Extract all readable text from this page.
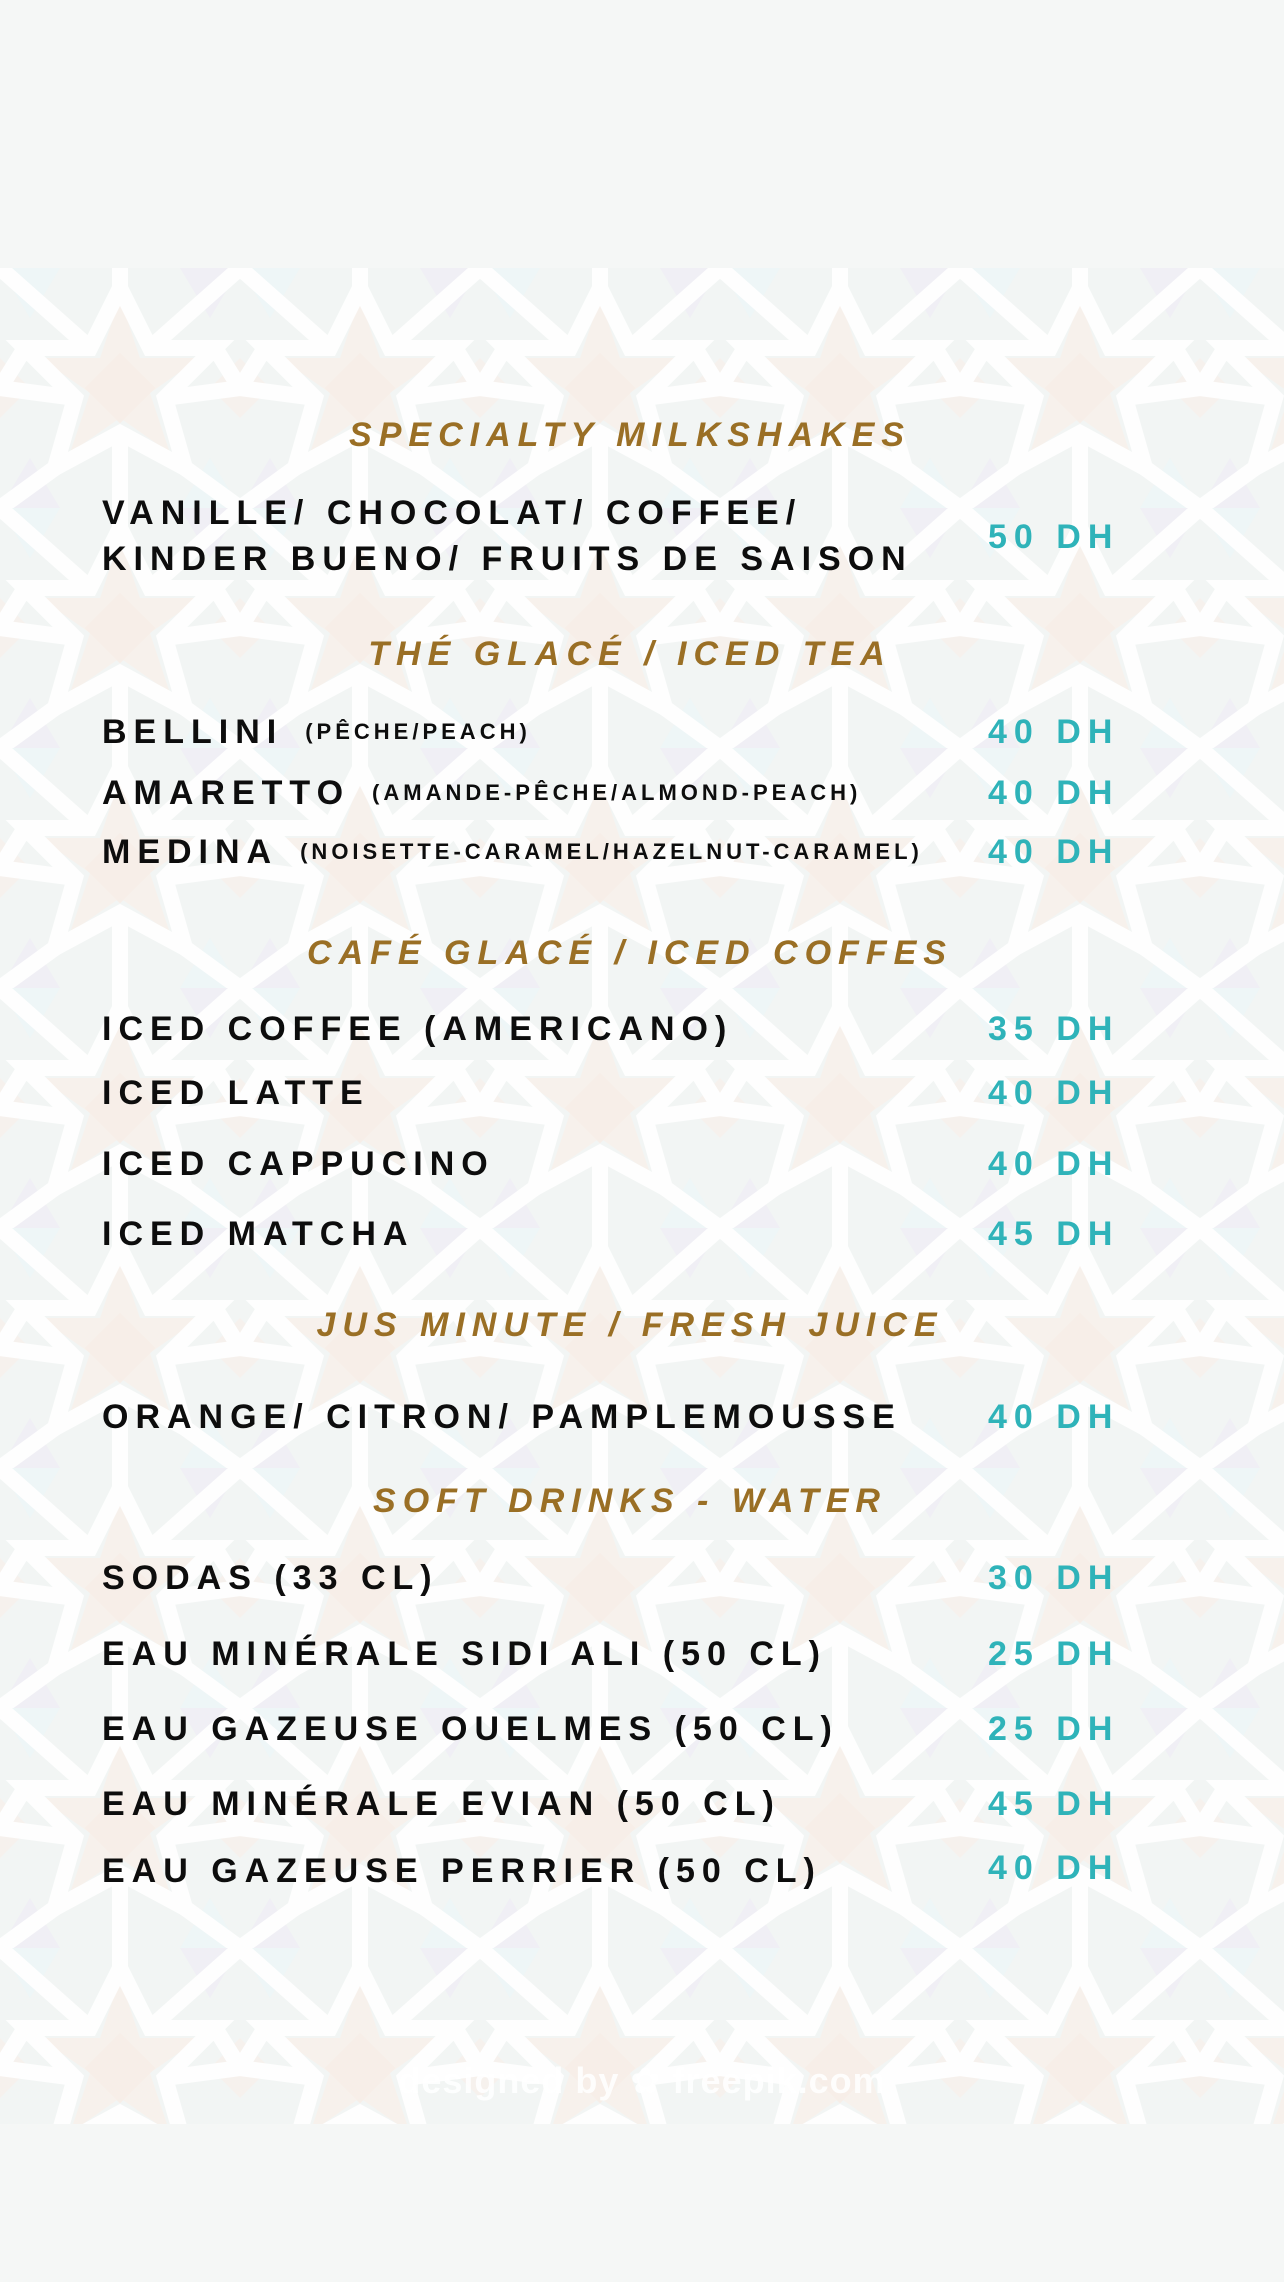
SPECIALTY MILKSHAKES
VANILLE/ CHOCOLAT/ COFFEE/
KINDER BUENO/ FRUITS DE SAISON
50 DH
THÉ GLACÉ / ICED TEA
BELLINI (PÊCHE/PEACH)	40 DH
AMARETTO (AMANDE-PÊCHE/ALMOND-PEACH)	40 DH
MEDINA (NOISETTE-CARAMEL/HAZELNUT-CARAMEL) 40 DH
CAFÉ GLACÉ / ICED COFFES
ICED COFFEE (AMERICANO)	35 DH
ICED LATTE	40 DH
ICED CAPPUCINO	40 DH
ICED MATCHA	45 DH
JUS MINUTE / FRESH JUICE
ORANGE/ CITRON/ PAMPLEMOUSSE	40 DH
SOFT DRINKS - WATER
SODAS (33 CL)	30 DH
EAU MINÉRALE SIDI ALI (50 CL)	25 DH
EAU GAZEUSE OUELMES (50 CL)	25 DH
EAU MINÉRALE EVIAN (50 CL)	45 DH
EAU GAZEUSE PERRIER (50 CL)	40 DH
designed by ✿ freepik.com
